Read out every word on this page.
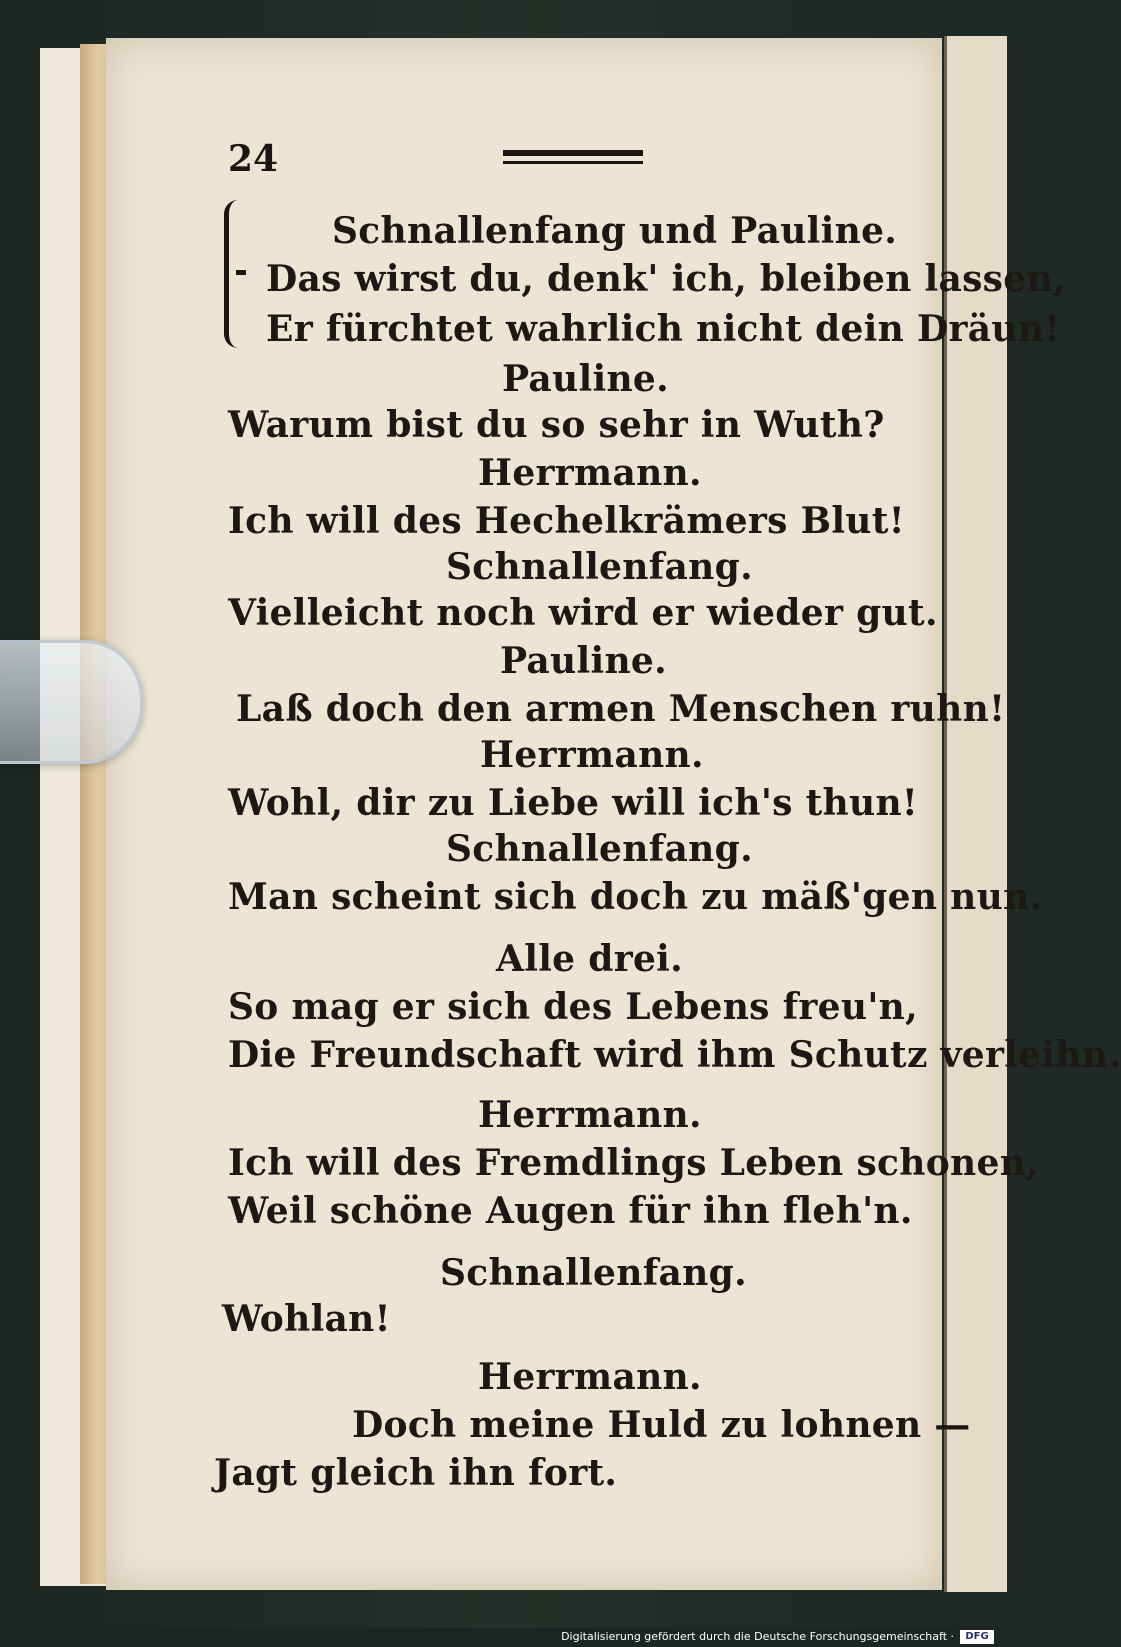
24
Schnallenfang und Pauline.
Das wirst du, denk' ich, bleiben lassen,
Er fürchtet wahrlich nicht dein Dräun!
Pauline.
Warum bist du so sehr in Wuth?
Herrmann.
Ich will des Hechelkrämers Blut!
Schnallenfang.
Vielleicht noch wird er wieder gut.
Pauline.
Laß doch den armen Menschen ruhn!
Herrmann.
Wohl, dir zu Liebe will ich's thun!
Schnallenfang.
Man scheint sich doch zu mäß'gen nun.
Alle drei.
So mag er sich des Lebens freu'n,
Die Freundschaft wird ihm Schutz verleihn.
Herrmann.
Ich will des Fremdlings Leben schonen,
Weil schöne Augen für ihn fleh'n.
Schnallenfang.
Wohlan!
Herrmann.
Doch meine Huld zu lohnen —
Jagt gleich ihn fort.
Digitalisierung gefördert durch die Deutsche Forschungsgemeinschaft ·	DFG
